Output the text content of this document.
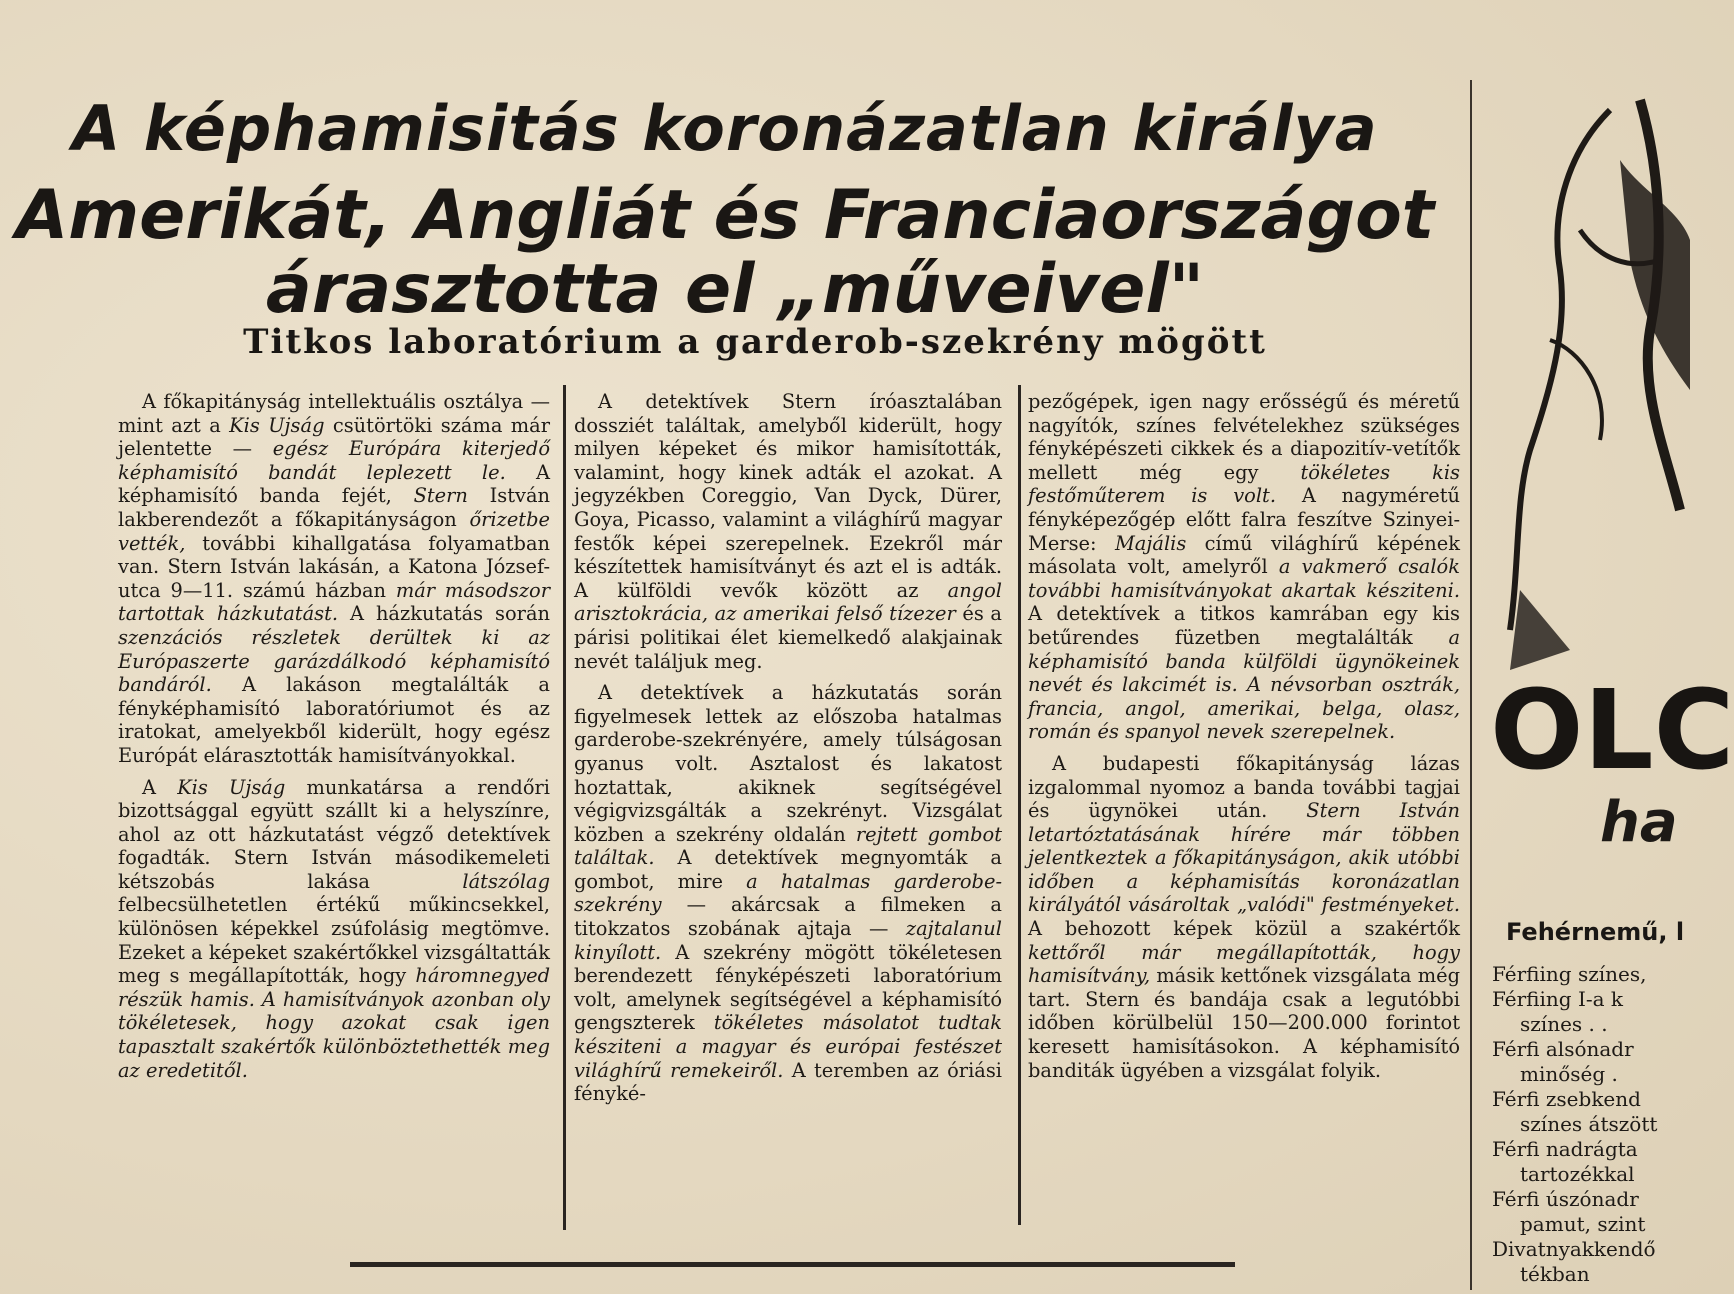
A képhamisitás koronázatlan királya
Amerikát, Angliát és Franciaországot
árasztotta el „műveivel"
Titkos laboratórium a garderob-szekrény mögött

A főkapitányság intellektuális osztálya — mint azt a Kis Ujság csütörtöki száma már jelentette — egész Európára kiterjedő képhamisító bandát leplezett le. A képhamisító banda fejét, Stern István lakberendezőt a főkapitányságon őrizetbe vették, további kihallgatása folyamatban van. Stern István lakásán, a Katona József-utca 9—11. számú házban már másodszor tartottak házkutatást. A házkutatás során szenzációs részletek derültek ki az Európaszerte garázdálkodó képhamisító bandáról. A lakáson megtalálták a fényképhamisító laboratóriumot és az iratokat, amelyekből kiderült, hogy egész Európát elárasztották hamisítványokkal.

A Kis Ujság munkatársa a rendőri bizottsággal együtt szállt ki a helyszínre, ahol az ott házkutatást végző detektívek fogadták. Stern István másodikemeleti kétszobás lakása látszólag felbecsülhetetlen értékű műkincsekkel, különösen képekkel zsúfolásig megtömve. Ezeket a képeket szakértőkkel vizsgáltatták meg s megállapították, hogy háromnegyed részük hamis. A hamisítványok azonban oly tökéletesek, hogy azokat csak igen tapasztalt szakértők különböztethették meg az eredetitől.

A detektívek Stern íróasztalában dossziét találtak, amelyből kiderült, hogy milyen képeket és mikor hamisították, valamint, hogy kinek adták el azokat. A jegyzékben Coreggio, Van Dyck, Dürer, Goya, Picasso, valamint a világhírű magyar festők képei szerepelnek. Ezekről már készítettek hamisítványt és azt el is adták. A külföldi vevők között az angol arisztokrácia, az amerikai felső tízezer és a párisi politikai élet kiemelkedő alakjainak nevét találjuk meg.

A detektívek a házkutatás során figyelmesek lettek az előszoba hatalmas garderobe-szekrényére, amely túlságosan gyanus volt. Asztalost és lakatost hoztattak, akiknek segítségével végigvizsgálták a szekrényt. Vizsgálat közben a szekrény oldalán rejtett gombot találtak. A detektívek megnyomták a gombot, mire a hatalmas garderobe-szekrény — akárcsak a filmeken a titokzatos szobának ajtaja — zajtalanul kinyílott. A szekrény mögött tökéletesen berendezett fényképészeti laboratórium volt, amelynek segítségével a képhamisító gengszterek tökéletes másolatot tudtak késziteni a magyar és európai festészet világhírű remekeiről. A teremben az óriási fényké-

pezőgépek, igen nagy erősségű és méretű nagyítók, színes felvételekhez szükséges fényképészeti cikkek és a diapozitív-vetítők mellett még egy tökéletes kis festőműterem is volt. A nagyméretű fényképezőgép előtt falra feszítve Szinyei-Merse: Majális című világhírű képének másolata volt, amelyről a vakmerő csalók további hamisítványokat akartak késziteni. A detektívek a titkos kamrában egy kis betűrendes füzetben megtalálták a képhamisító banda külföldi ügynökeinek nevét és lakcimét is. A névsorban osztrák, francia, angol, amerikai, belga, olasz, román és spanyol nevek szerepelnek.

A budapesti főkapitányság lázas izgalommal nyomoz a banda további tagjai és ügynökei után. Stern István letartóztatásának hírére már többen jelentkeztek a főkapitányságon, akik utóbbi időben a képhamisítás koronázatlan királyától vásároltak „valódi" festményeket. A behozott képek közül a szakértők kettőről már megállapították, hogy hamisítvány, másik kettőnek vizsgálata még tart. Stern és bandája csak a legutóbbi időben körülbelül 150—200.000 forintot keresett hamisításokon. A képhamisító banditák ügyében a vizsgálat folyik.

OLC
ha
Fehérnemű, l
Férfiing színes,
Férfiing I-a k
színes . .
Férfi alsónadr
minőség .
Férfi zsebkend
színes átszött
Férfi nadrágta
tartozékkal
Férfi úszónadr
pamut, szint
Divatnyakkendő
tékban
